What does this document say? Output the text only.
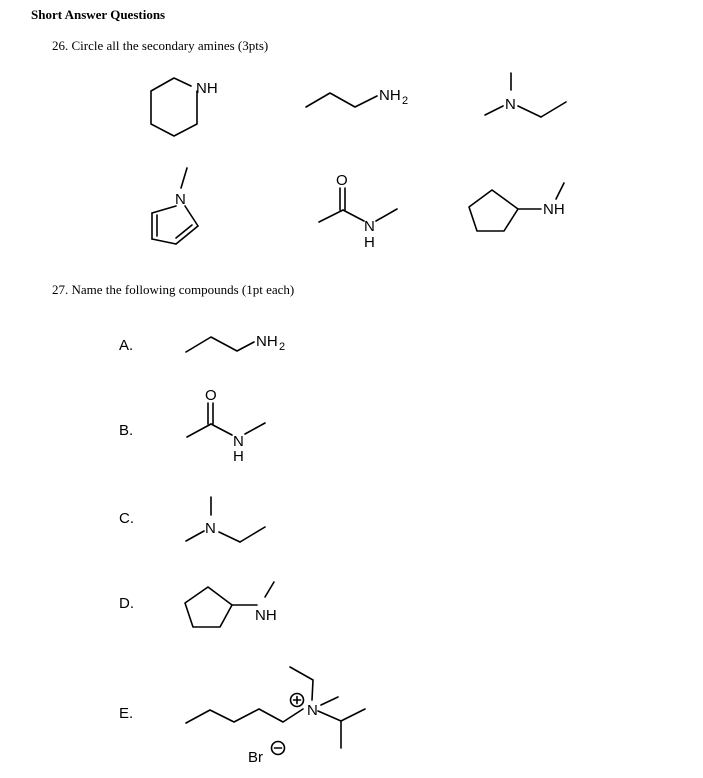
Short Answer Questions
26. Circle all the secondary amines (3pts)
27. Name the following compounds (1pt each)
A.
B.
C.
D.
E.
NH	NH 2	N
N
O
N
H
NH
NH 2
O
N
H
N
NH
N
Br
